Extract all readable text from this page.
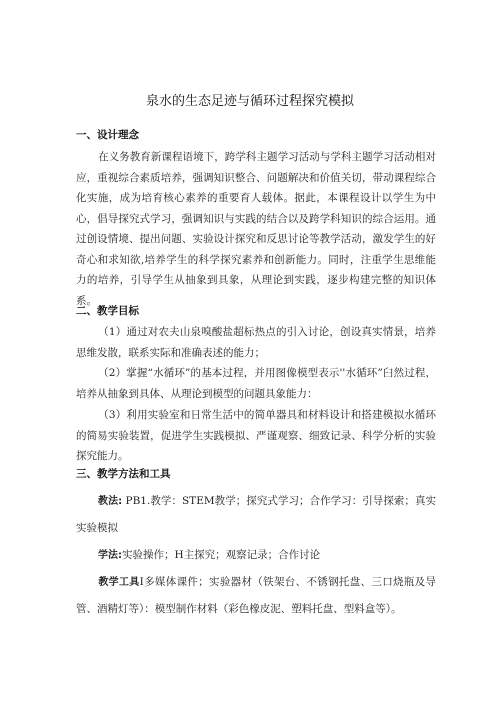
泉水的生态足迹与循环过程探究模拟
一、设计理念

在义务教育新课程语境下，跨学科主题学习活动与学科主题学习活动相对应，重视综合素质培养，强调知识整合、问题解决和价值关切，带动课程综合化实施，成为培育核心素养的重要育人载体。据此，本课程设计以学生为中心，倡导探究式学习，强调知识与实践的结合以及跨学科知识的综合运用。通过创设情境、提出问题、实验设计探究和反思讨论等教学活动，激发学生的好奇心和求知欲,培养学生的科学探究素养和创新能力。同时，注重学生思维能力的培养，引导学生从抽象到具象，从理论到实践，逐步构建完整的知识体系。

二、教学目标

（1）通过对农夫山泉嗅酸盐超标热点的引入讨论，创设真实情景，培养思维发散，联系实际和准确表述的能力；

（2）掌握“水循环”的基本过程，并用图像模型表示''水循环”臼然过程，培养从抽象到具体、从理论到模型的问题具象能力：

（3）利用实验室和日常生活中的简单器具和材料设计和搭建模拟水循环的简易实验装置，促进学生实践模拟、严谨观察、细致记录、科学分析的实验探究能力。

三、教学方法和工具

教法: PB1.教学：STEM教学；探究式学习；合作学习：引导探索；真实实验模拟

学法:实验操作；H主探究；观察记录；合作讨论

教学工具I多媒体课件；实验器材（铁架台、不锈钢托盘、三口烧瓶及导管、酒精灯等）：模型制作材料（彩色橡皮泥、塑料托盘、型料盒等）。
